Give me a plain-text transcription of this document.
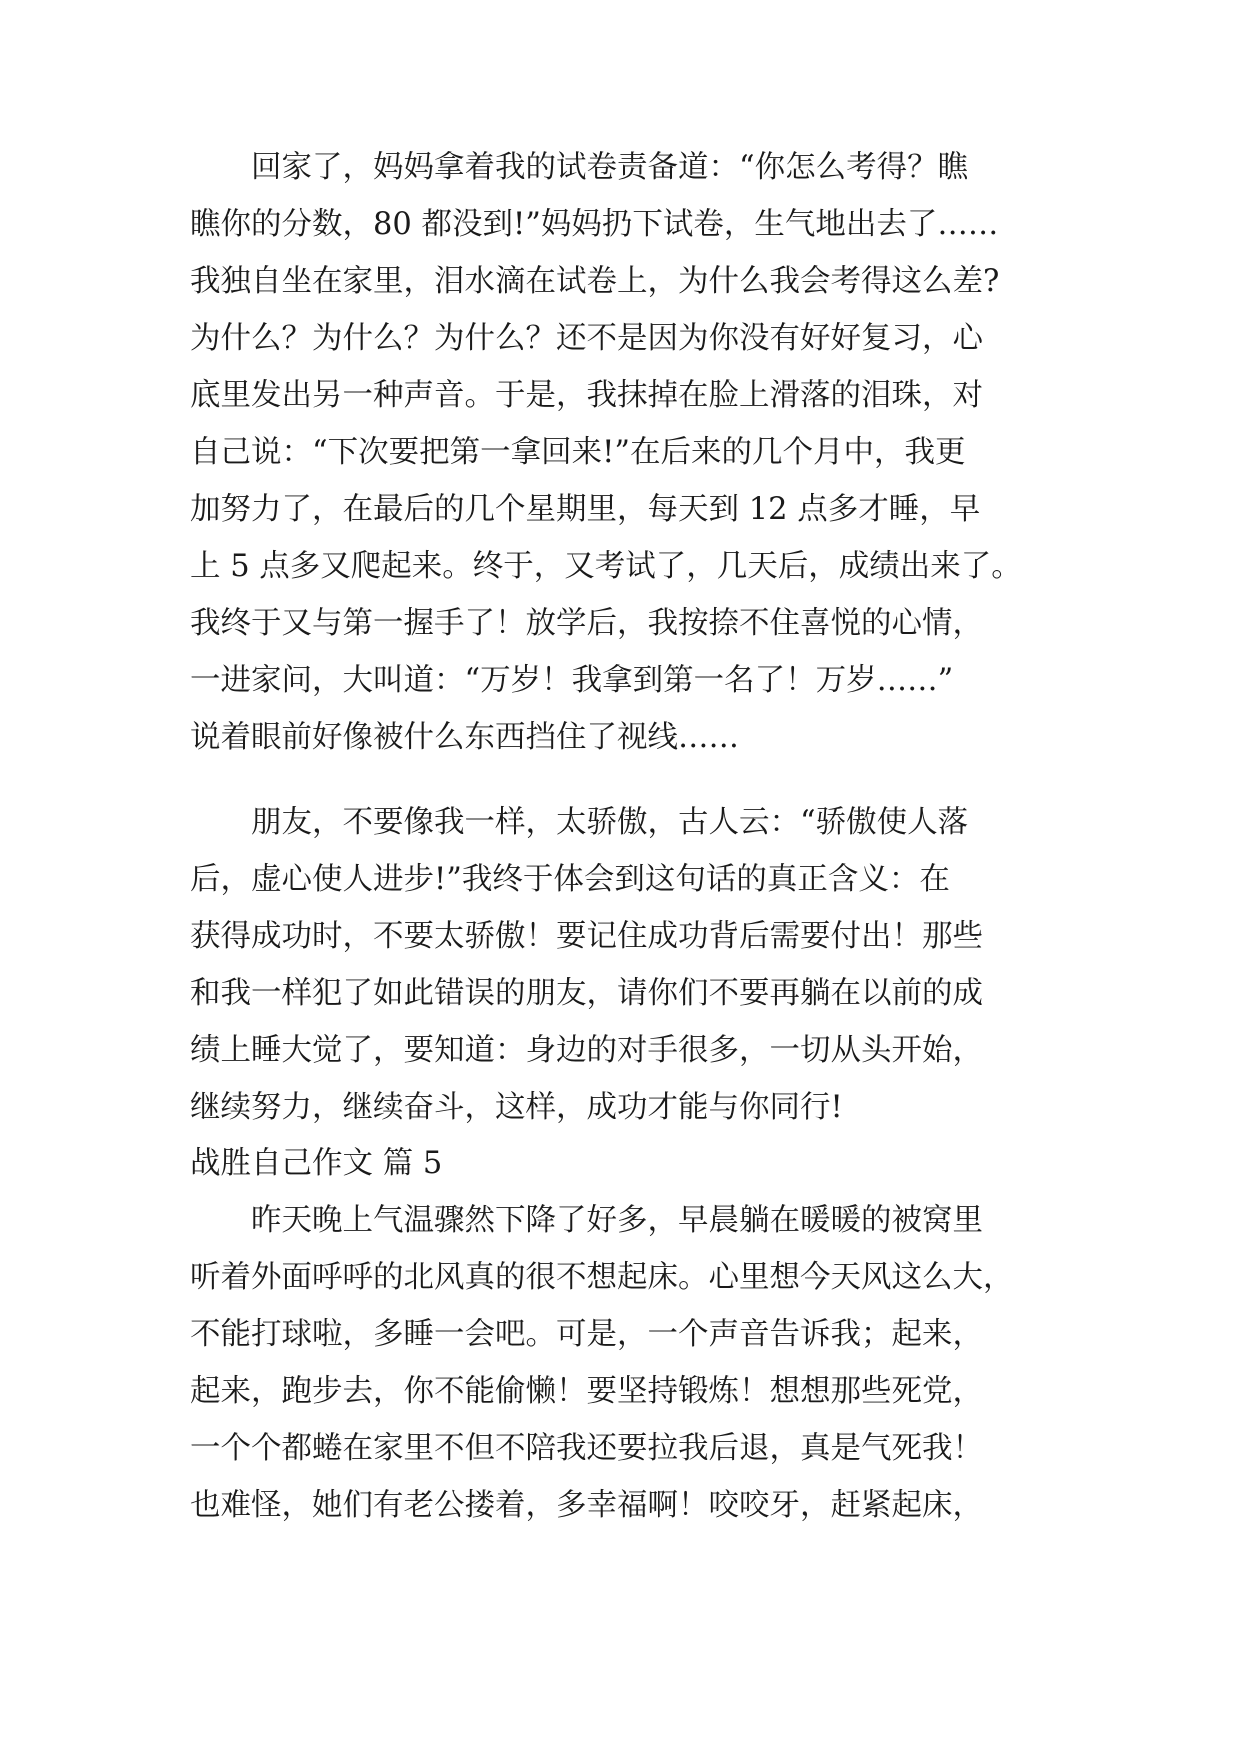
　　回家了，妈妈拿着我的试卷责备道：“你怎么考得？瞧
瞧你的分数，80 都没到!”妈妈扔下试卷，生气地出去了……
我独自坐在家里，泪水滴在试卷上，为什么我会考得这么差?
为什么？为什么？为什么？还不是因为你没有好好复习，心
底里发出另一种声音。于是，我抹掉在脸上滑落的泪珠，对
自己说：“下次要把第一拿回来!”在后来的几个月中，我更
加努力了，在最后的几个星期里，每天到 12 点多才睡，早
上 5 点多又爬起来。终于，又考试了，几天后，成绩出来了。
我终于又与第一握手了！放学后，我按捺不住喜悦的心情，
一进家问，大叫道：“万岁！我拿到第一名了！万岁……”
说着眼前好像被什么东西挡住了视线……
　　朋友，不要像我一样，太骄傲，古人云：“骄傲使人落
后，虚心使人进步!”我终于体会到这句话的真正含义：在
获得成功时，不要太骄傲！要记住成功背后需要付出！那些
和我一样犯了如此错误的朋友，请你们不要再躺在以前的成
绩上睡大觉了，要知道：身边的对手很多，一切从头开始，
继续努力，继续奋斗，这样，成功才能与你同行!
战胜自己作文 篇 5
　　昨天晚上气温骤然下降了好多，早晨躺在暖暖的被窝里
听着外面呼呼的北风真的很不想起床。心里想今天风这么大，
不能打球啦，多睡一会吧。可是，一个声音告诉我；起来，
起来，跑步去，你不能偷懒！要坚持锻炼！想想那些死党，
一个个都蜷在家里不但不陪我还要拉我后退，真是气死我！
也难怪，她们有老公搂着，多幸福啊！咬咬牙，赶紧起床，
